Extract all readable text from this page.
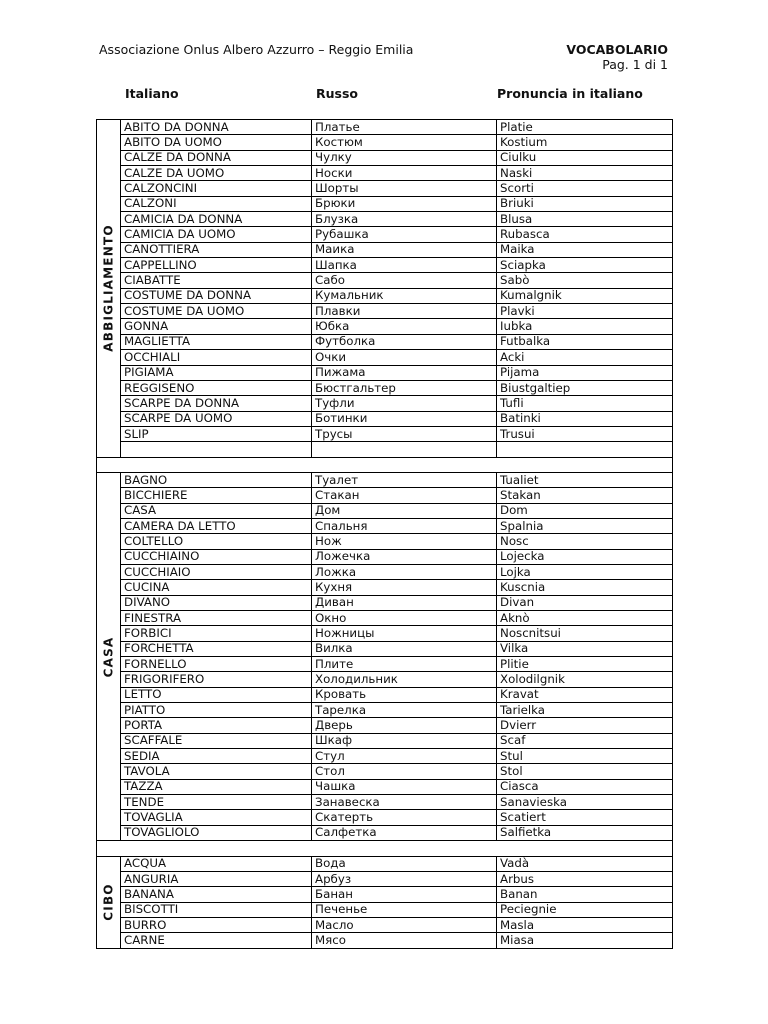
Associazione Onlus Albero Azzurro – Reggio Emilia	VOCABOLARIO
Pag. 1 di 1
Italiano	Russo	Pronuncia in italiano
ABBIGLIAMENTO	ABITO DA DONNA	Платье	Platie
	ABITO DA UOMO	Костюм	Kostium
	CALZE DA DONNA	Чулку	Ciulku
	CALZE DA UOMO	Носки	Naski
	CALZONCINI	Шорты	Scorti
	CALZONI	Брюки	Briuki
	CAMICIA DA DONNA	Блузка	Blusa
	CAMICIA DA UOMO	Рубашка	Rubasca
	CANOTTIERA	Маика	Maika
	CAPPELLINO	Шапка	Sciapka
	CIABATTE	Сабо	Sabò
	COSTUME DA DONNA	Кумальник	Kumalgnik
	COSTUME DA UOMO	Плавки	Plavki
	GONNA	Юбка	Iubka
	MAGLIETTA	Футболка	Futbalka
	OCCHIALI	Очки	Acki
	PIGIAMA	Пижама	Pijama
	REGGISENO	Бюстгальтер	Biustgaltiep
	SCARPE DA DONNA	Туфли	Tufli
	SCARPE DA UOMO	Ботинки	Batinki
	SLIP	Трусы	Trusui

CASA	BAGNO	Туалет	Tualiet
	BICCHIERE	Стакан	Stakan
	CASA	Дом	Dom
	CAMERA DA LETTO	Спальня	Spalnia
	COLTELLO	Нож	Nosc
	CUCCHIAINO	Ложечка	Lojecka
	CUCCHIAIO	Ложка	Lojka
	CUCINA	Кухня	Kuscnia
	DIVANO	Диван	Divan
	FINESTRA	Окно	Aknò
	FORBICI	Ножницы	Noscnitsui
	FORCHETTA	Вилка	Vilka
	FORNELLO	Плите	Plitie
	FRIGORIFERO	Холодильник	Xolodilgnik
	LETTO	Кровать	Kravat
	PIATTO	Тарелка	Tarielka
	PORTA	Дверь	Dvierr
	SCAFFALE	Шкаф	Scaf
	SEDIA	Стул	Stul
	TAVOLA	Стол	Stol
	TAZZA	Чашка	Ciasca
	TENDE	Занавеска	Sanavieska
	TOVAGLIA	Скатерть	Scatiert
	TOVAGLIOLO	Салфетка	Salfietka

CIBO	ACQUA	Вода	Vadà
	ANGURIA	Арбуз	Arbus
	BANANA	Банан	Banan
	BISCOTTI	Печенье	Peciegnie
	BURRO	Масло	Masla
	CARNE	Мясо	Miasa
